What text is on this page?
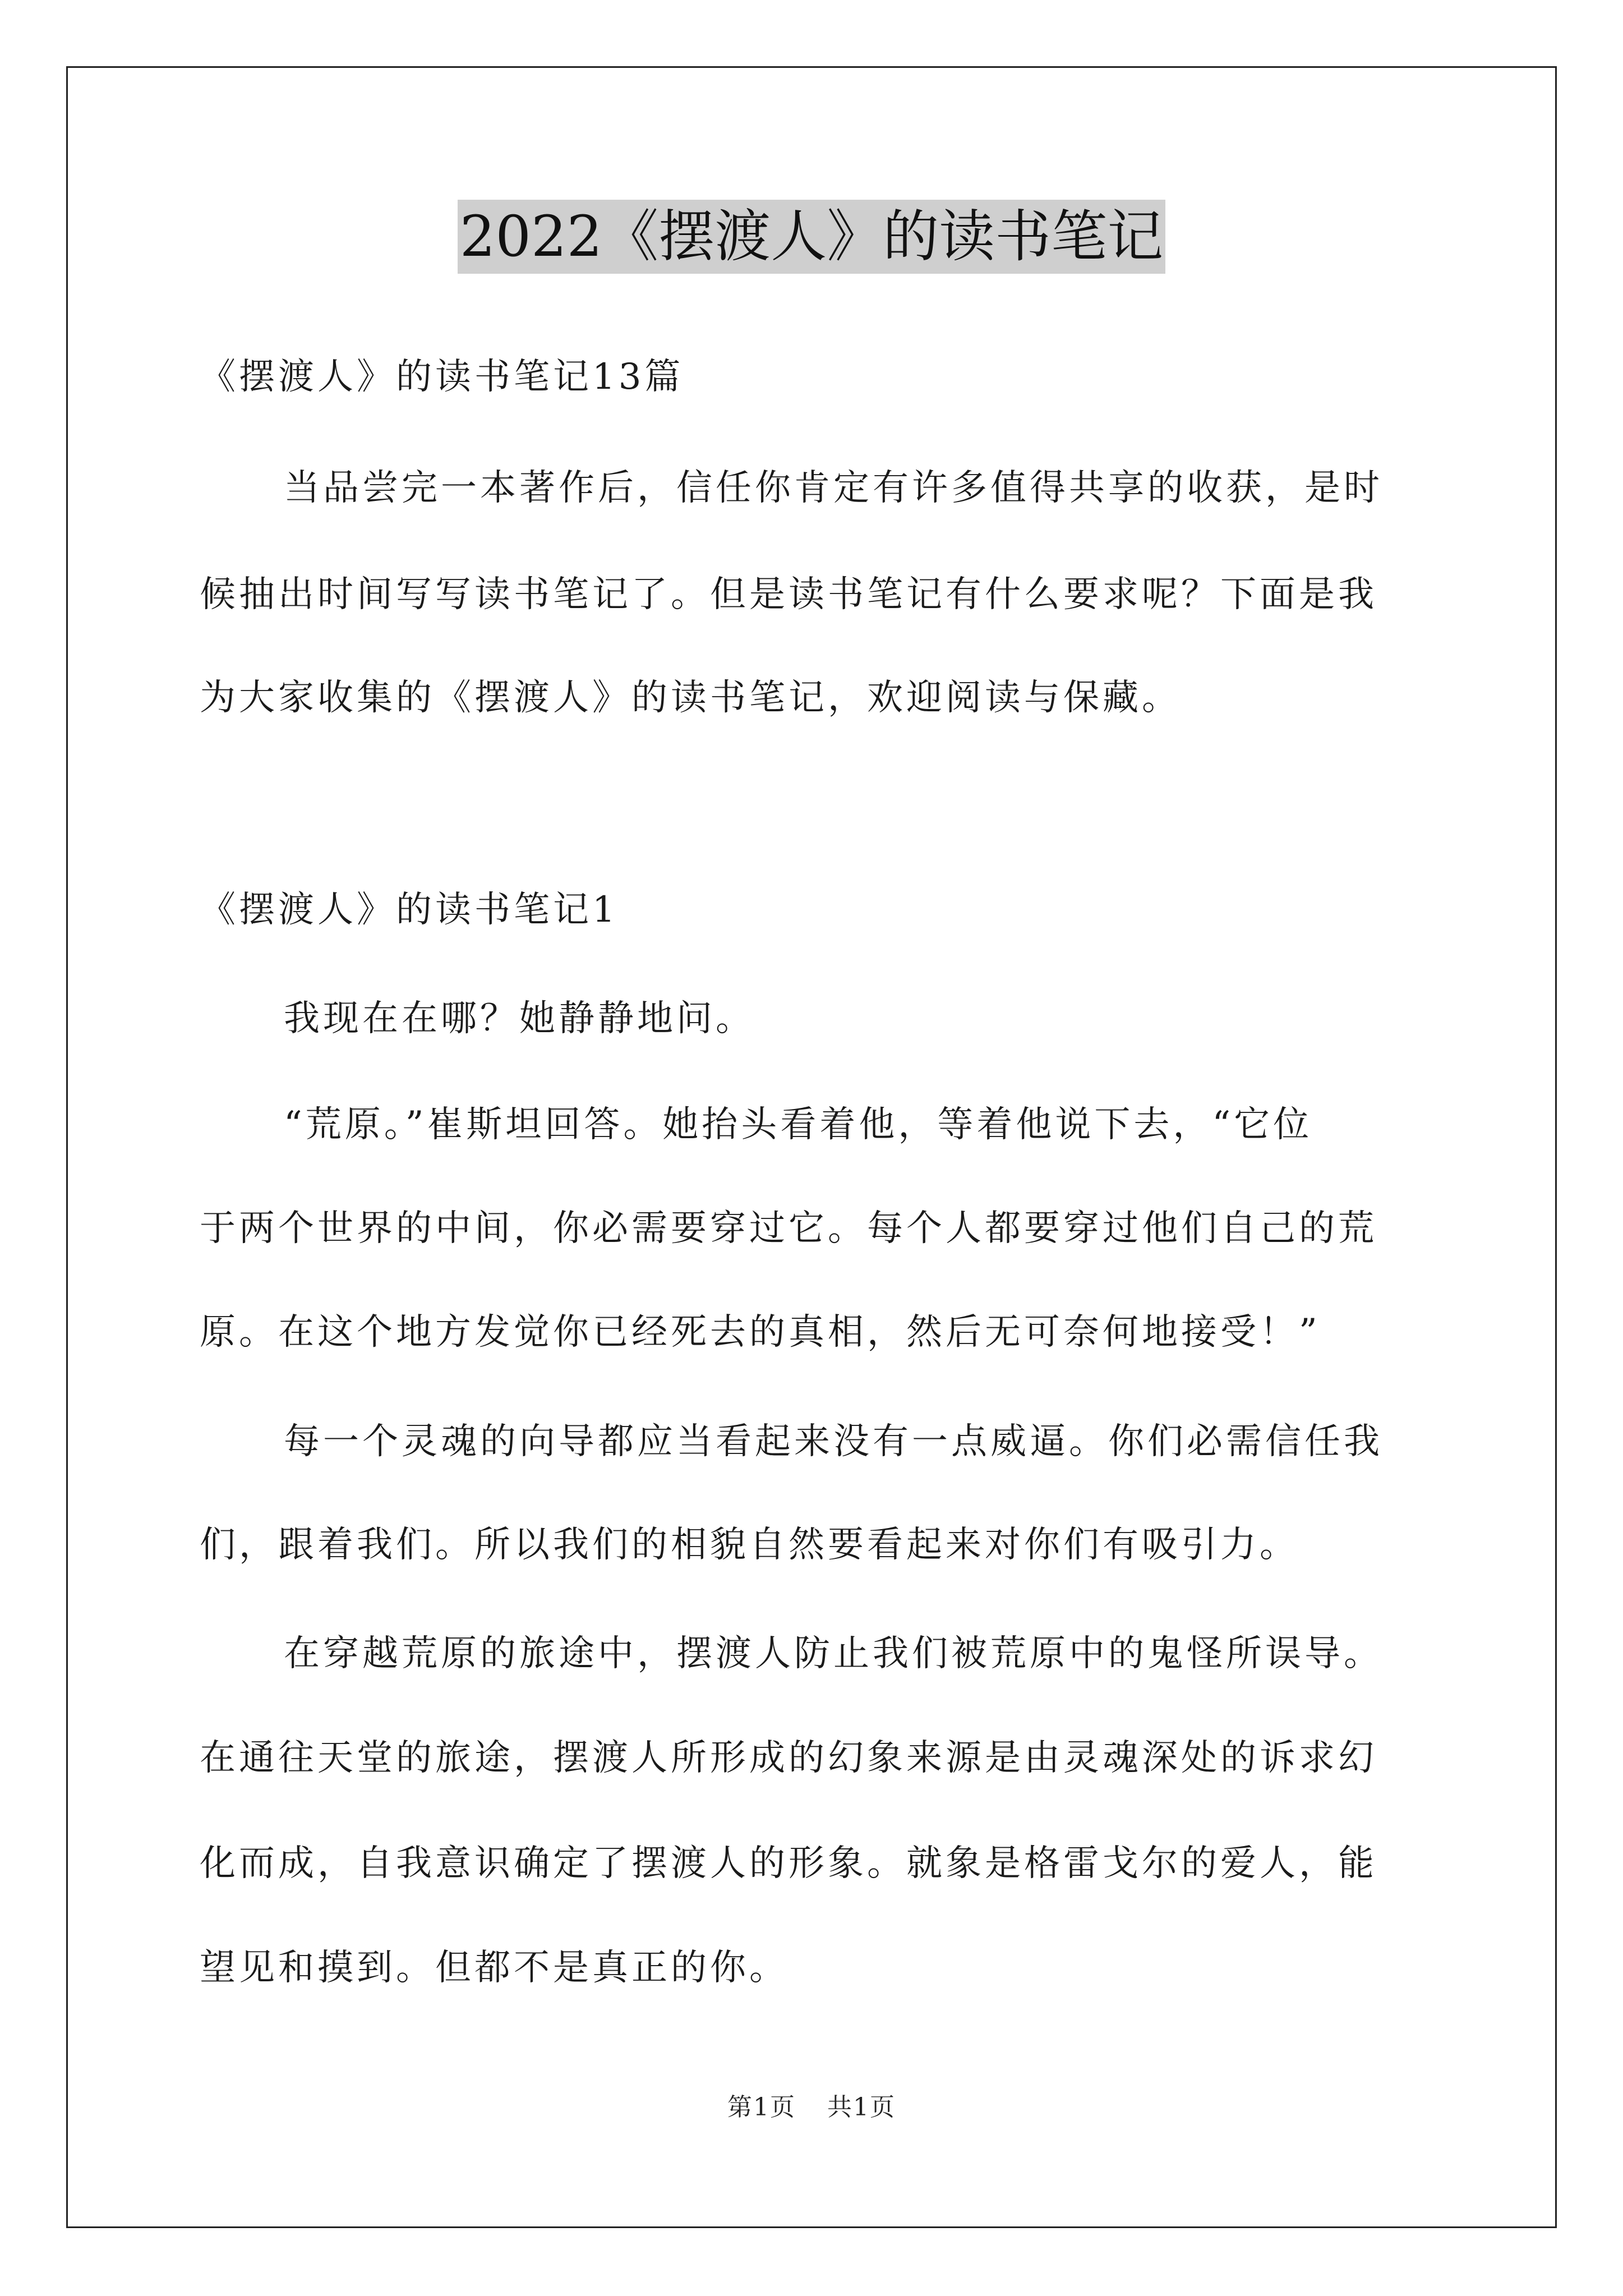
2022《摆渡人》的读书笔记
《摆渡人》的读书笔记13篇
当品尝完一本著作后，信任你肯定有许多值得共享的收获，是时
候抽出时间写写读书笔记了。但是读书笔记有什么要求呢？下面是我
为大家收集的《摆渡人》的读书笔记，欢迎阅读与保藏。
《摆渡人》的读书笔记1
我现在在哪？她静静地问。
“荒原。”崔斯坦回答。她抬头看着他，等着他说下去，“它位
于两个世界的中间，你必需要穿过它。每个人都要穿过他们自己的荒
原。在这个地方发觉你已经死去的真相，然后无可奈何地接受！”
每一个灵魂的向导都应当看起来没有一点威逼。你们必需信任我
们，跟着我们。所以我们的相貌自然要看起来对你们有吸引力。
在穿越荒原的旅途中，摆渡人防止我们被荒原中的鬼怪所误导。
在通往天堂的旅途，摆渡人所形成的幻象来源是由灵魂深处的诉求幻
化而成，自我意识确定了摆渡人的形象。就象是格雷戈尔的爱人，能
望见和摸到。但都不是真正的你。
第1页 共1页
